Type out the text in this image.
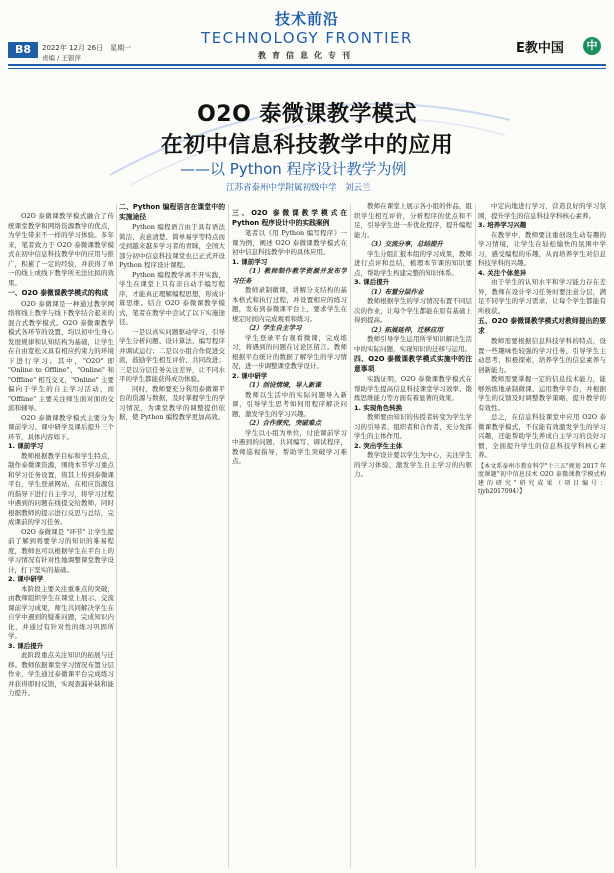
B8	2022年 12月 26日　星期一
责编 / 王银萍
技术前沿
TECHNOLOGY FRONTIER
教育信息化专刊	E教中国	中
O2O 泰微课教学模式
在初中信息科技教学中的应用
——以 Python 程序设计教学为例
江苏省泰州中学附属初级中学　刘云兰

O2O 泰微课教学模式融合了传统课堂教学和网络资源教学的优点，为学生带来不一样的学习体验。多年来，笔者致力于 O2O 泰微课教学模式在初中信息科技教学中的应用与推广，积累了一定的经验，并获得了单一的线上或线下教学所无法比拟的效果。

一、O2O 泰微课教学模式的构成

O2O 泰微课是一种通过教学网络将线上教学与线下教学结合起来的混合式教学模式。O2O 泰微课教学模式各环节的设置，均以初中生身心发展规律和认知结构为基础，让学生在自由宽松又具有相应约束力的环境下进行学习。其中，"O2O" 即 "Online to Offline"、"Online" 和 "Offline" 相互交叉，"Online" 主要偏向于学生的自主学习活动，而 "Offline" 主要关注师生面对面的交流和辅导。

O2O 泰微课教学模式主要分为课前学习、课中研学及课后提升三个环节，具体内容如下。

1. 课前学习

教师根据教学目标和学生特点，制作泰微课资源，围绕本节学习重点和学习任务设置，将其上传到泰微课平台，学生登录网站，在相应资源包的指导下进行自主学习，将学习过程中遇到的问题在线提交给教师，同时根据教师的提示进行反思与总结，完成课前的学习任务。

O2O 泰微课是 "环节" 让学生提前了解到将要学习的知识的难易程度，教师也可以根据学生在平台上的学习情况有针对性地调整课堂教学设计，打下坚实的基础。

2. 课中研学

本阶段主要关注重难点的突破，由教师组织学生在课堂上展示、交流课前学习成果，师生共同解决学生在自学中遇到的疑难问题，完成知识内化，并通过有针对性的练习巩固所学。

3. 课后提升

此阶段重点关注知识的拓展与迁移。教师依据课堂学习情况布置分层作业，学生通过泰微课平台完成练习并获得即时反馈，实现查漏补缺和能力提升。

二、Python 编程语言在课堂中的实施途径

Python 编程语言由于具有语法简洁、表意清楚、简单易学等特点而受到越来越多学习者的青睐，全国大部分初中信息科技课堂也已正式开设 Python 程序设计课程。

Python 编程教学离不开实践，学生在课堂上只有亲自动手编写程序，才能真正理解编程思想，形成计算思维。结合 O2O 泰微课教学模式，笔者在教学中尝试了以下实施途径。

一是以真实问题驱动学习，引导学生分析问题、设计算法、编写程序并调试运行；二是以小组合作促进交流，鼓励学生相互评价、共同改进；三是以分层任务关注差异，让不同水平的学生都能获得成功体验。

同时，教师要充分利用泰微课平台的资源与数据，及时掌握学生的学习情况，为课堂教学的调整提供依据，使 Python 编程教学更加高效。

三、O2O 泰微课教学模式在 Python 程序设计中的实践案例

笔者以《用 Python 编写程序》一课为例，阐述 O2O 泰微课教学模式在初中信息科技教学中的具体应用。

1. 课前学习

（1）教师制作教学资源并发布学习任务

教师录制微课，讲解分支结构的基本格式和执行过程，并设置相应的练习题，发布到泰微课平台上，要求学生在规定时间内完成观看和练习。

（2）学生自主学习

学生登录平台观看微课，完成练习，将遇到的问题在讨论区留言。教师根据平台统计的数据了解学生的学习情况，进一步调整课堂教学设计。

2. 课中研学

（1）创设情境，导入新课

教师以生活中的实际问题导入新课，引导学生思考如何用程序解决问题，激发学生的学习兴趣。

（2）合作探究，突破难点

学生以小组为单位，讨论课前学习中遇到的问题，共同编写、调试程序，教师巡视指导，帮助学生突破学习难点。

教师在课堂上展示各小组的作品，组织学生相互评价，分析程序的优点和不足，引导学生进一步优化程序，提升编程能力。

（3）交流分享，总结提升

学生分组汇报本组的学习成果，教师进行点评和总结，梳理本节课的知识要点，帮助学生构建完整的知识体系。

3. 课后提升

（1）布置分层作业

教师根据学生的学习情况布置不同层次的作业，让每个学生都能在原有基础上得到提高。

（2）拓展延伸，迁移应用

教师引导学生运用所学知识解决生活中的实际问题，实现知识的迁移与运用。

四、O2O 泰微课教学模式实施中的注意事项

实践证明，O2O 泰微课教学模式在帮助学生提高信息科技课堂学习效率、锻炼思维能力等方面有着显著的效果。

1. 实现角色转换

教师要由知识的传授者转变为学生学习的引导者、组织者和合作者，充分发挥学生的主体作用。

2. 突出学生主体

教学设计要以学生为中心，关注学生的学习体验，激发学生自主学习的内驱力。

中定向地进行学习，营造良好的学习氛围，提升学生的信息科技学科核心素养。

3. 培养学习兴趣

在教学中，教师要注重创设生动有趣的学习情境，让学生在轻松愉快的氛围中学习，感受编程的乐趣，从而培养学生对信息科技学科的兴趣。

4. 关注个体差异

由于学生的认知水平和学习能力存在差异，教师在设计学习任务时要注意分层，满足不同学生的学习需求，让每个学生都能有所收获。

五、O2O 泰微课教学模式对教师提出的要求

教师需要根据信息科技学科的特点，设置一些趣味性较强的学习任务，引导学生主动思考、积极探索，培养学生的信息素养与创新能力。

教师需要掌握一定的信息技术能力，能够熟练地录制微课、运用教学平台，并根据学生的反馈及时调整教学策略，提升教学的有效性。

总之，在信息科技课堂中应用 O2O 泰微课教学模式，不仅能有效激发学生的学习兴趣，还能帮助学生养成自主学习的良好习惯，全面提升学生的信息科技学科核心素养。

【本文系泰州市教育科学"十三五"规划 2017 年度课题"初中信息技术 O2O 泰微课教学模式构建的研究"研究成果（项目编号：tjyb2017094）】
